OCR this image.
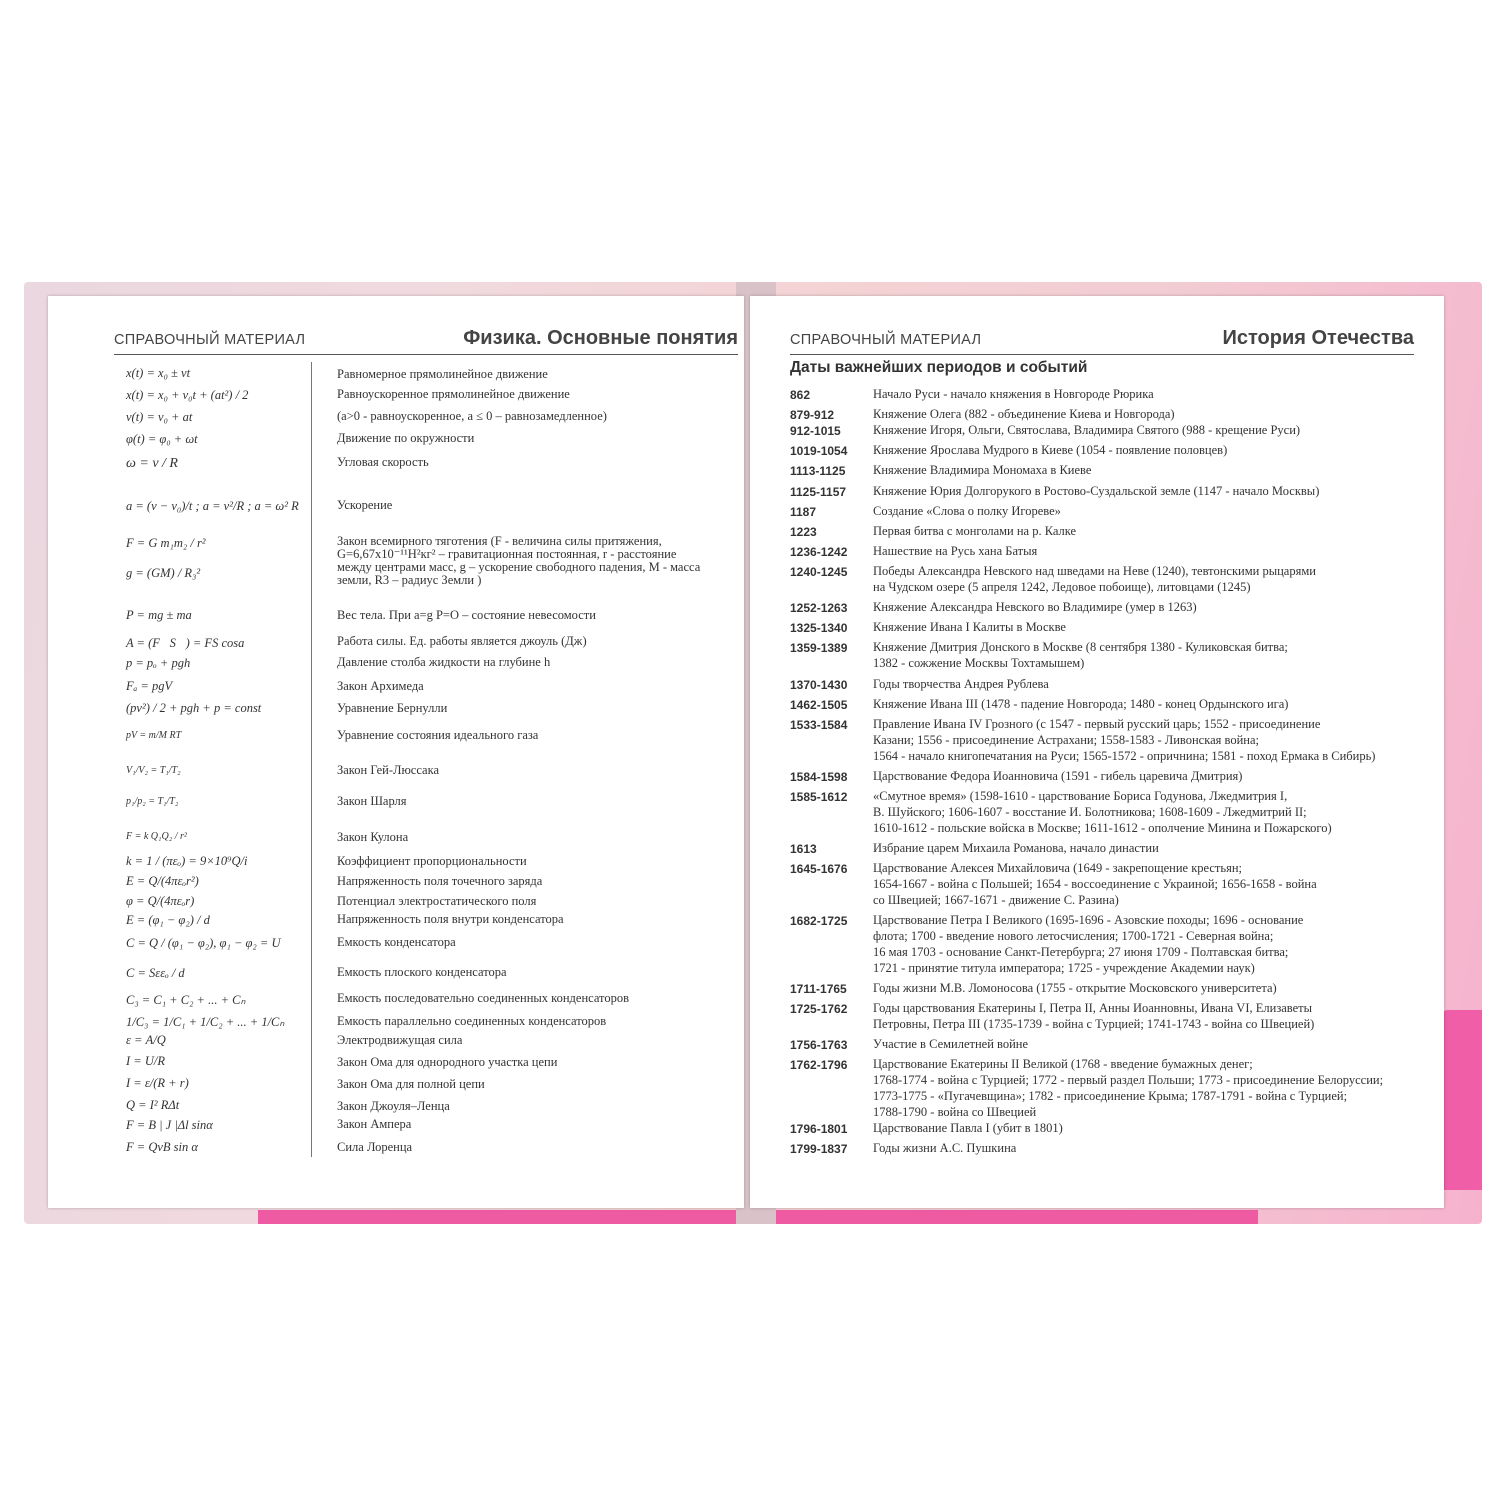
СПРАВОЧНЫЙ МАТЕРИАЛ	Физика. Основные понятия	СПРАВОЧНЫЙ МАТЕРИАЛ	История Отечества
Даты важнейших периодов и событий
x(t) = x₀ ± vt	Равномерное прямолинейное движение
x(t) = x₀ + v₀t + (at²) / 2	Равноускоренное прямолинейное движение
v(t) = v₀ + at	(a>0 - равноускоренное, a ≤ 0 – равнозамедленное)
φ(t) = φ₀ + ωt	Движение по окружности
ω = v / R	Угловая скорость
a = (v − v₀)/t ; a = v²/R ; a = ω² R	Ускорение
F = G m₁m₂ / r²	Закон всемирного тяготения (F - величина силы притяжения, G=6,67x10⁻¹¹Н²кг² – гравитационная постоянная, r - расстояние между центрами масс, g – ускорение свободного падения, M - масса земли, R3 – радиус Земли )
g = (GM) / R₃²
P = mg ± ma	Вес тела. При a=g P=O – состояние невесомости
A = (F⃗S⃗) = FS cosa	Работа силы. Ед. работы является джоуль (Дж)
p = pₒ + pgh	Давление столба жидкости на глубине h
Fₐ = pgV	Закон Архимеда
(pv²) / 2 + pgh + p = const	Уравнение Бернулли
pV = m/M RT	Уравнение состояния идеального газа
V₁/V₂ = T₁/T₂	Закон Гей-Люссака
p₁/p₂ = T₁/T₂	Закон Шарля
F = k Q₁Q₂ / r²	Закон Кулона
k = 1 / (πεₒ) = 9×10⁹Q/i	Коэффициент пропорциональности
E = Q/(4πεₒr²)	Напряженность поля точечного заряда
φ = Q/(4πεₒr)	Потенциал электростатического поля
E = (φ₁ − φ₂) / d	Напряженность поля внутри конденсатора
C = Q / (φ₁ − φ₂), φ₁ − φ₂ = U	Емкость конденсатора
C = Sεεₒ / d	Емкость плоского конденсатора
C₃ = C₁ + C₂ + ... + Cₙ	Емкость последовательно соединенных конденсаторов
1/C₃ = 1/C₁ + 1/C₂ + ... + 1/Cₙ	Емкость параллельно соединенных конденсаторов
ε = A/Q	Электродвижущая сила
I = U/R	Закон Ома для однородного участка цепи
I = ε/(R + r)	Закон Ома для полной цепи
Q = I² RΔt	Закон Джоуля–Ленца
F = B | J |Δl sinα	Закон Ампера
F = QvB sin α	Сила Лоренца
862	Начало Руси - начало княжения в Новгороде Рюрика
879-912	Княжение Олега (882 - объединение Киева и Новгорода)
912-1015	Княжение Игоря, Ольги, Святослава, Владимира Святого (988 - крещение Руси)
1019-1054	Княжение Ярослава Мудрого в Киеве (1054 - появление половцев)
1113-1125	Княжение Владимира Мономаха в Киеве
1125-1157	Княжение Юрия Долгорукого в Ростово-Суздальской земле (1147 - начало Москвы)
1187	Создание «Слова о полку Игореве»
1223	Первая битва с монголами на р. Калке
1236-1242	Нашествие на Русь хана Батыя
1240-1245	Победы Александра Невского над шведами на Неве (1240), тевтонскими рыцарями
на Чудском озере (5 апреля 1242, Ледовое побоище), литовцами (1245)
1252-1263	Княжение Александра Невского во Владимире (умер в 1263)
1325-1340	Княжение Ивана I Калиты в Москве
1359-1389	Княжение Дмитрия Донского в Москве (8 сентября 1380 - Куликовская битва;
1382 - сожжение Москвы Тохтамышем)
1370-1430	Годы творчества Андрея Рублева
1462-1505	Княжение Ивана III (1478 - падение Новгорода; 1480 - конец Ордынского ига)
1533-1584	Правление Ивана IV Грозного (с 1547 - первый русский царь; 1552 - присоединение
Казани; 1556 - присоединение Астрахани; 1558-1583 - Ливонская война;
1564 - начало книгопечатания на Руси; 1565-1572 - опричнина; 1581 - поход Ермака в Сибирь)
1584-1598	Царствование Федора Иоанновича (1591 - гибель царевича Дмитрия)
1585-1612	«Смутное время» (1598-1610 - царствование Бориса Годунова, Лжедмитрия I,
В. Шуйского; 1606-1607 - восстание И. Болотникова; 1608-1609 - Лжедмитрий II;
1610-1612 - польские войска в Москве; 1611-1612 - ополчение Минина и Пожарского)
1613	Избрание царем Михаила Романова, начало династии
1645-1676	Царствование Алексея Михайловича (1649 - закрепощение крестьян;
1654-1667 - война с Польшей; 1654 - воссоединение с Украиной; 1656-1658 - война
со Швецией; 1667-1671 - движение С. Разина)
1682-1725	Царствование Петра I Великого (1695-1696 - Азовские походы; 1696 - основание
флота; 1700 - введение нового летосчисления; 1700-1721 - Северная война;
16 мая 1703 - основание Санкт-Петербурга; 27 июня 1709 - Полтавская битва;
1721 - принятие титула императора; 1725 - учреждение Академии наук)
1711-1765	Годы жизни М.В. Ломоносова (1755 - открытие Московского университета)
1725-1762	Годы царствования Екатерины I, Петра II, Анны Иоанновны, Ивана VI, Елизаветы
Петровны, Петра III (1735-1739 - война с Турцией; 1741-1743 - война со Швецией)
1756-1763	Участие в Семилетней войне
1762-1796	Царствование Екатерины II Великой (1768 - введение бумажных денег;
1768-1774 - война с Турцией; 1772 - первый раздел Польши; 1773 - присоединение Белоруссии;
1773-1775 - «Пугачевщина»; 1782 - присоединение Крыма; 1787-1791 - война с Турцией;
1788-1790 - война со Швецией
1796-1801	Царствование Павла I (убит в 1801)
1799-1837	Годы жизни А.С. Пушкина
